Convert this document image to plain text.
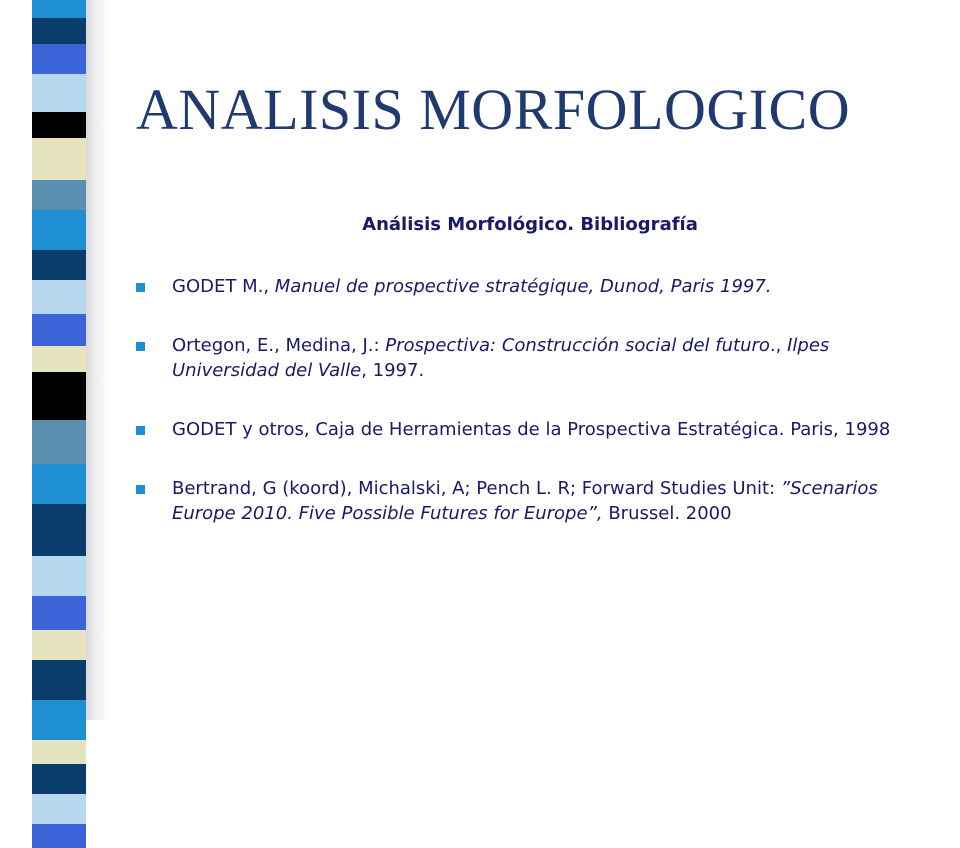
ANALISIS MORFOLOGICO
Análisis Morfológico. Bibliografía
GODET M., Manuel de prospective stratégique, Dunod, Paris 1997.
Ortegon, E., Medina, J.: Prospectiva: Construcción social del futuro., Ilpes Universidad del Valle, 1997.
GODET y otros, Caja de Herramientas de la Prospectiva Estratégica. Paris, 1998
Bertrand, G (koord), Michalski, A; Pench L. R; Forward Studies Unit: ”Scenarios Europe 2010. Five Possible Futures for Europe”, Brussel. 2000
